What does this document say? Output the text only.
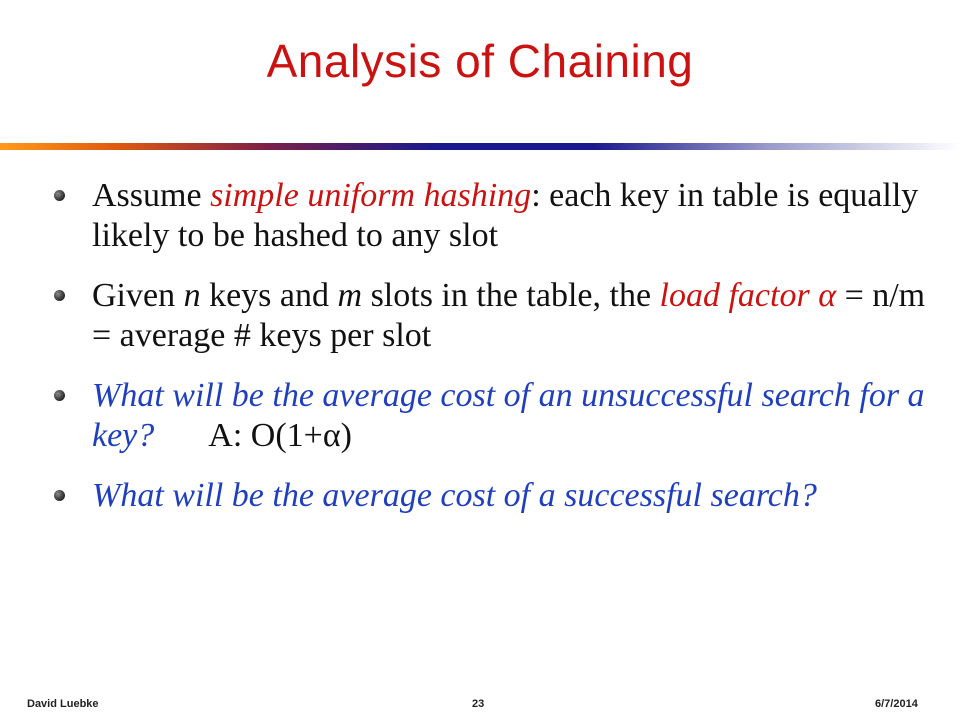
Analysis of Chaining
Assume simple uniform hashing: each key in table is equally likely to be hashed to any slot
Given n keys and m slots in the table, the load factor α = n/m = average # keys per slot
What will be the average cost of an unsuccessful search for a key? A: O(1+α)
What will be the average cost of a successful search?
David Luebke	23	6/7/2014
